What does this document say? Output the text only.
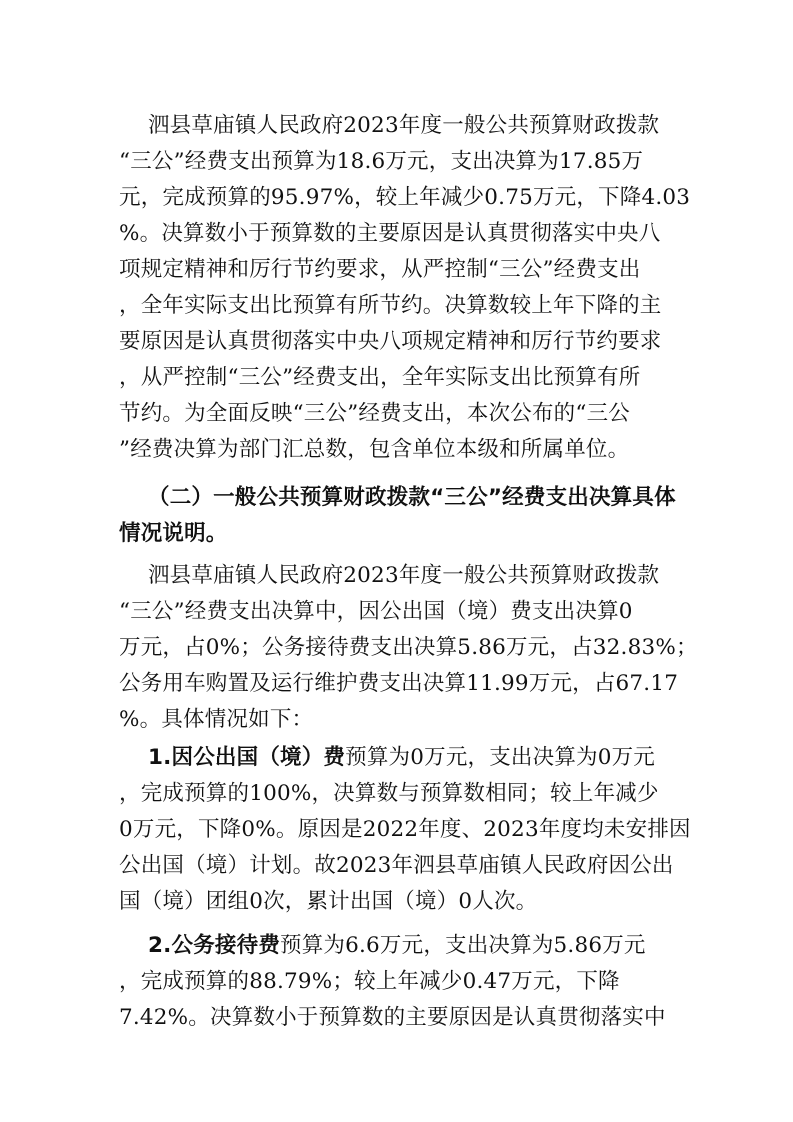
泗县草庙镇人民政府2023年度一般公共预算财政拨款
“三公”经费支出预算为18.6万元，支出决算为17.85万
元，完成预算的95.97%，较上年减少0.75万元，下降4.03
%。决算数小于预算数的主要原因是认真贯彻落实中央八
项规定精神和厉行节约要求，从严控制“三公”经费支出
，全年实际支出比预算有所节约。决算数较上年下降的主
要原因是认真贯彻落实中央八项规定精神和厉行节约要求
，从严控制“三公”经费支出，全年实际支出比预算有所
节约。为全面反映“三公”经费支出，本次公布的“三公
”经费决算为部门汇总数，包含单位本级和所属单位。
（二）一般公共预算财政拨款“三公”经费支出决算具体
情况说明。
泗县草庙镇人民政府2023年度一般公共预算财政拨款
“三公”经费支出决算中，因公出国（境）费支出决算0
万元，占0%；公务接待费支出决算5.86万元，占32.83%；
公务用车购置及运行维护费支出决算11.99万元，占67.17
%。具体情况如下：
1.因公出国（境）费预算为0万元，支出决算为0万元
，完成预算的100%，决算数与预算数相同；较上年减少
0万元，下降0%。原因是2022年度、2023年度均未安排因
公出国（境）计划。故2023年泗县草庙镇人民政府因公出
国（境）团组0次，累计出国（境）0人次。
2.公务接待费预算为6.6万元，支出决算为5.86万元
，完成预算的88.79%；较上年减少0.47万元，下降
7.42%。决算数小于预算数的主要原因是认真贯彻落实中
